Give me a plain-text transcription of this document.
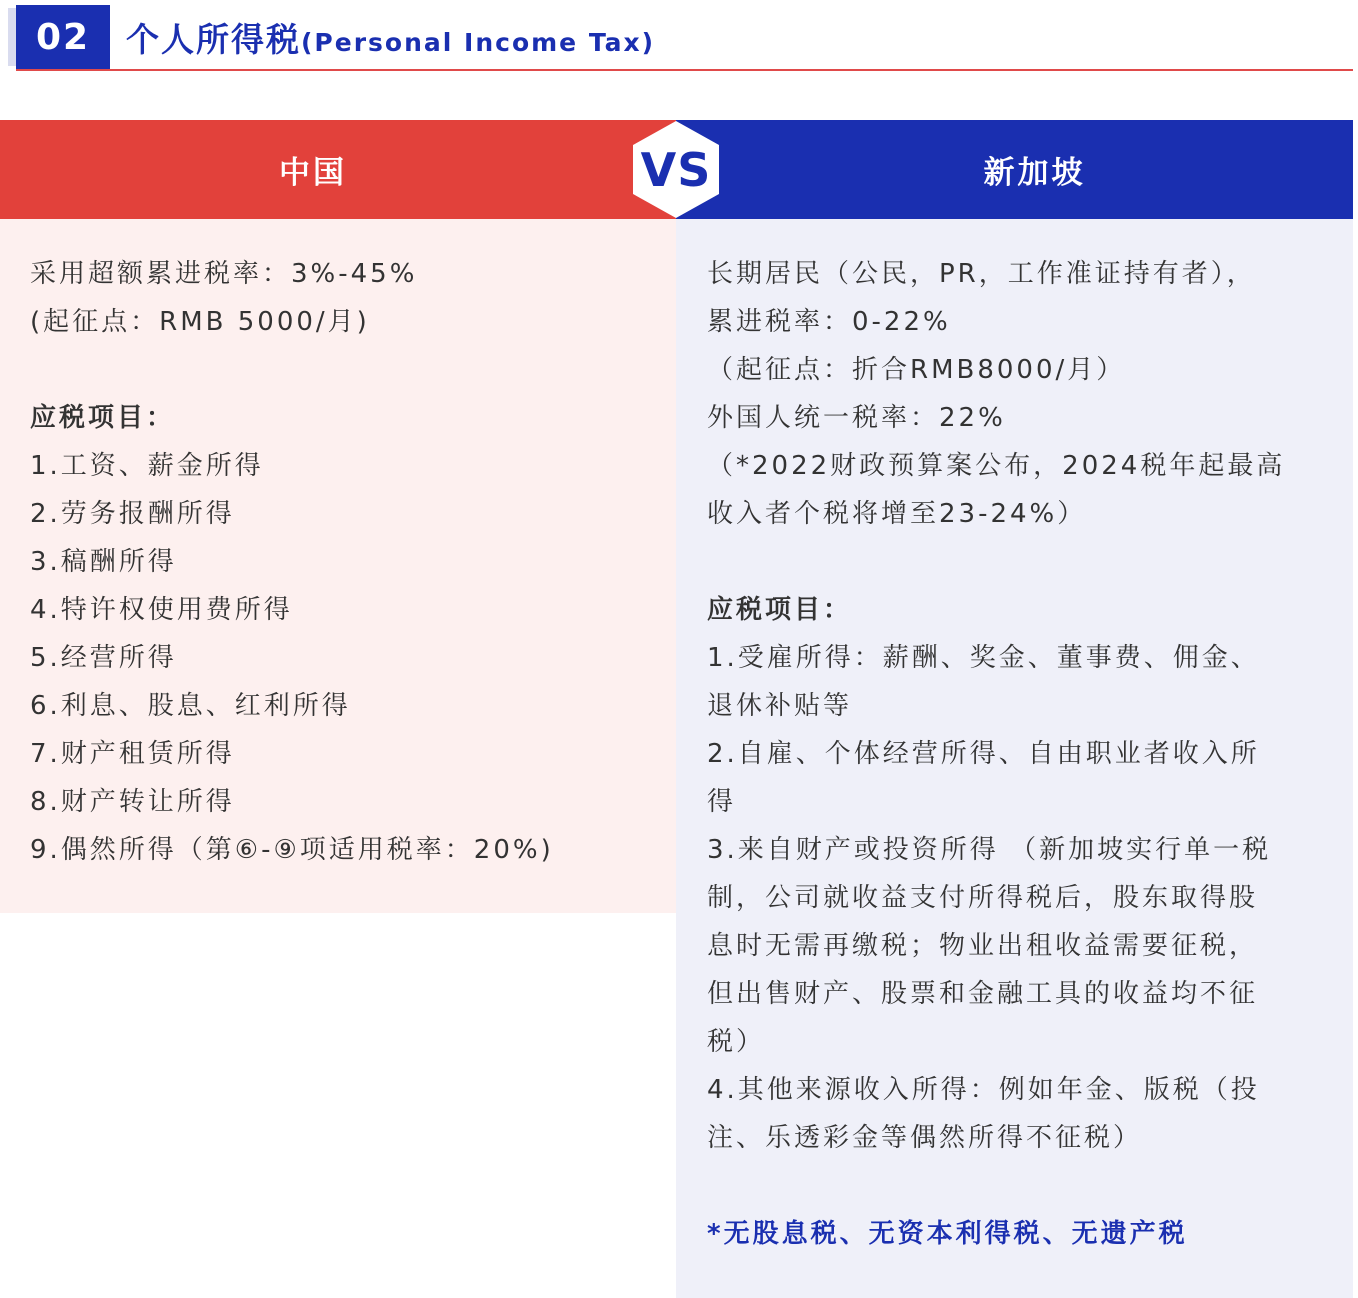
02	个人所得税 (Personal Income Tax)
中国	新加坡
VS
采用超额累进税率：3%-45%
(起征点：RMB 5000/月)
应税项目：
1.工资、薪金所得
2.劳务报酬所得
3.稿酬所得
4.特许权使用费所得
5.经营所得
6.利息、股息、红利所得
7.财产租赁所得
8.财产转让所得
9.偶然所得（第⑥-⑨项适用税率：20%)
长期居民（公民，PR，工作准证持有者），
累进税率：0-22%
（起征点：折合RMB8000/月）
外国人统一税率：22%
（*2022财政预算案公布，2024税年起最高
收入者个税将增至23-24%）
应税项目：
1.受雇所得：薪酬、奖金、董事费、佣金、
退休补贴等
2.自雇、个体经营所得、自由职业者收入所
得
3.来自财产或投资所得 （新加坡实行单一税
制，公司就收益支付所得税后，股东取得股
息时无需再缴税；物业出租收益需要征税，
但出售财产、股票和金融工具的收益均不征
税）
4.其他来源收入所得：例如年金、版税（投
注、乐透彩金等偶然所得不征税）
*无股息税、无资本利得税、无遗产税
